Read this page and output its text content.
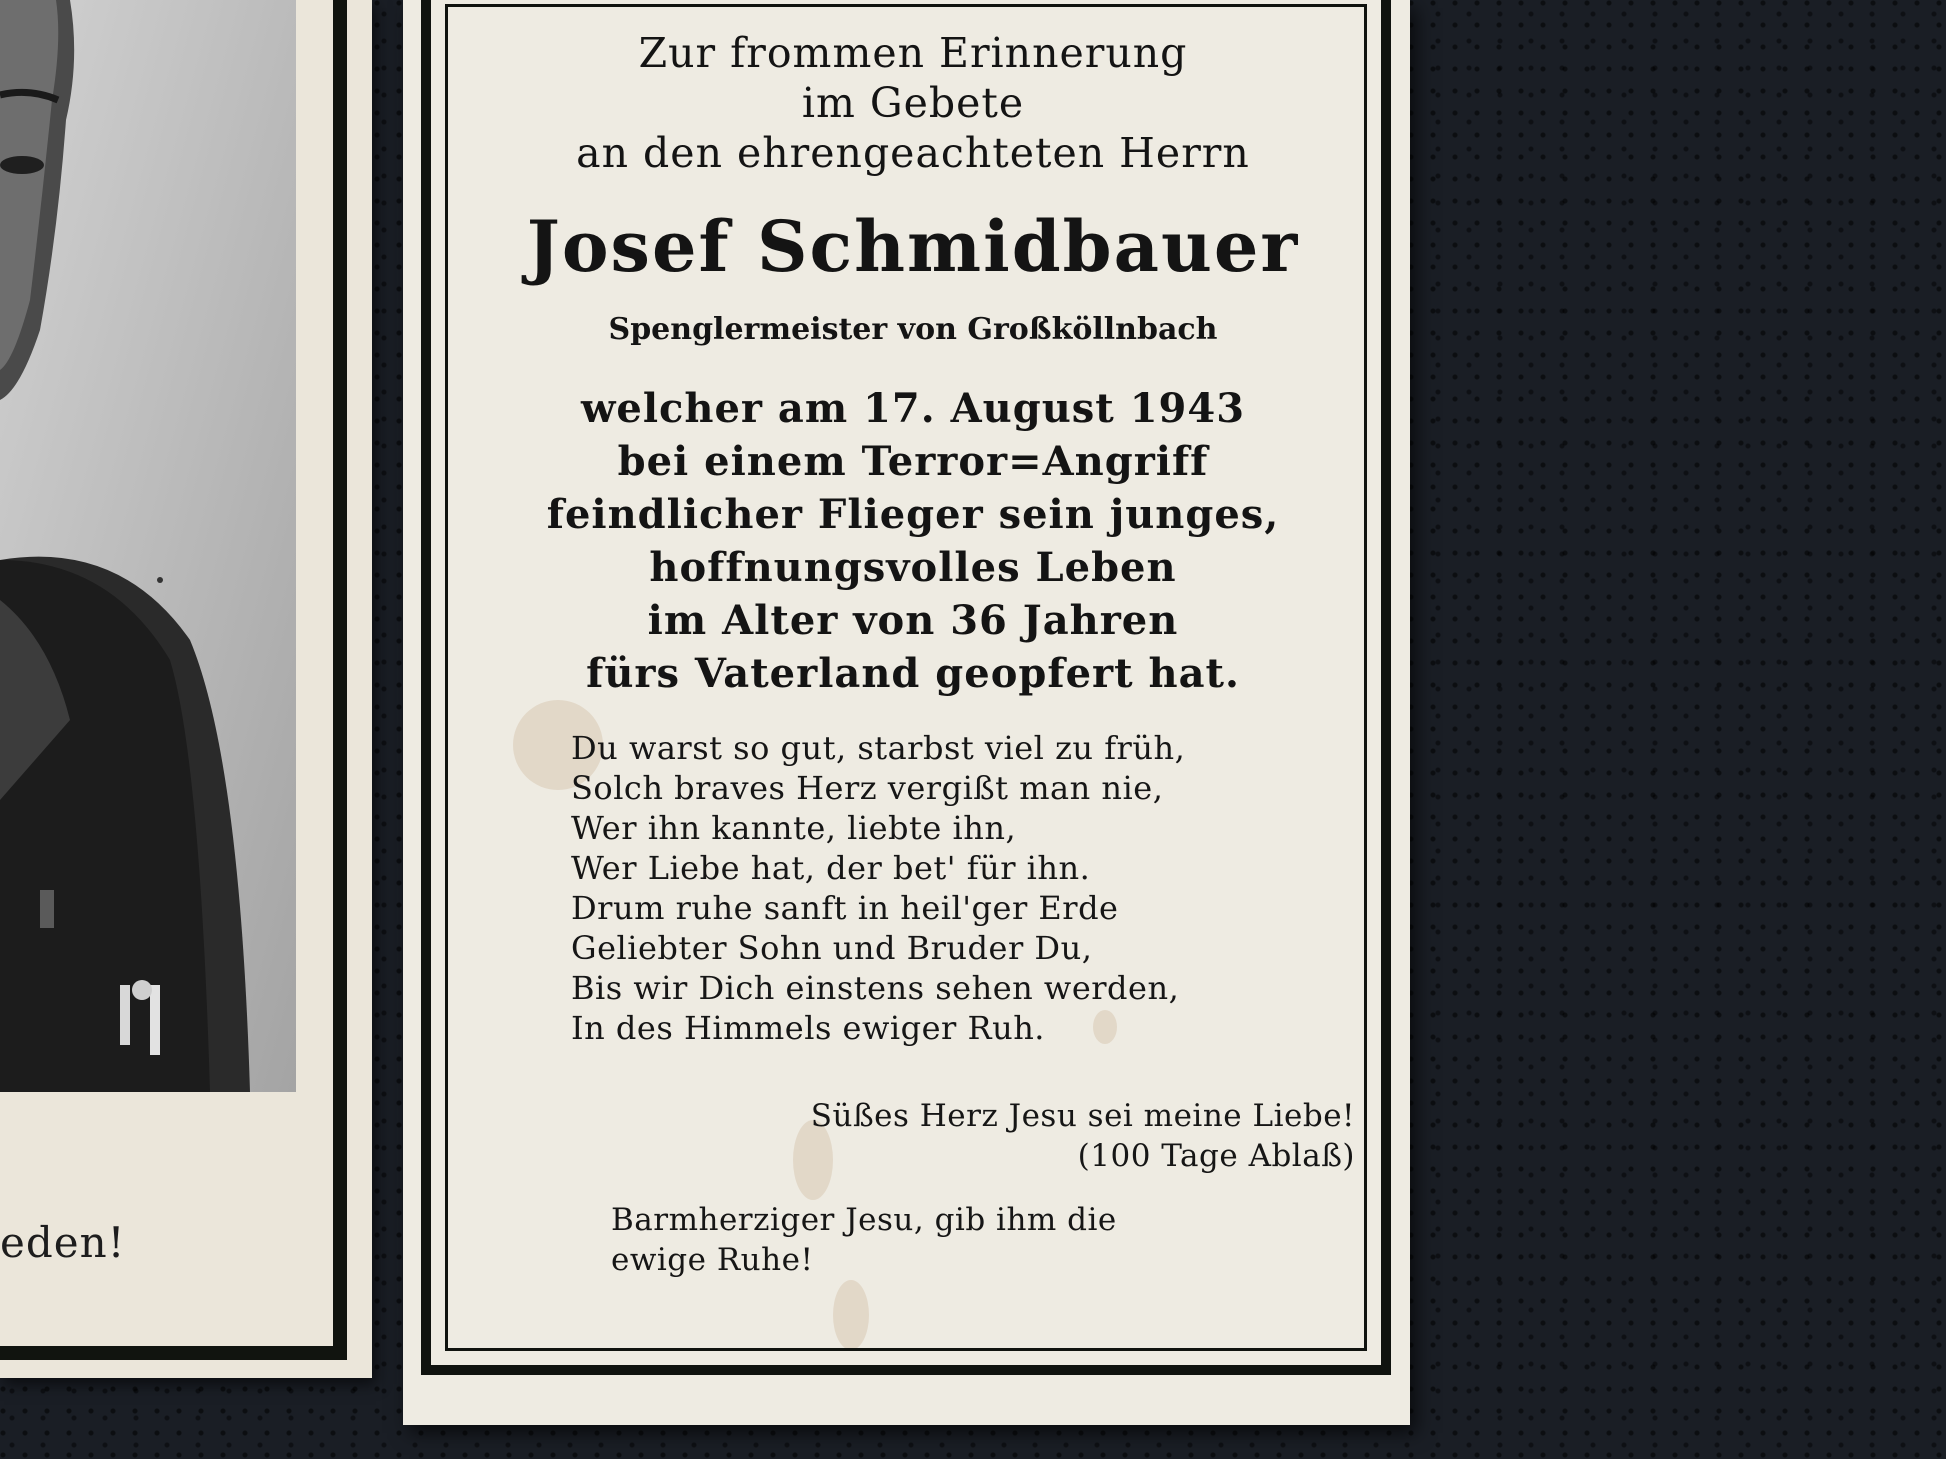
eden!
Zur frommen Erinnerung
im Gebete
an den ehrengeachteten Herrn
Josef Schmidbauer
Spenglermeister von Großköllnbach
welcher am 17. August 1943
bei einem Terror=Angriff
feindlicher Flieger sein junges,
hoffnungsvolles Leben
im Alter von 36 Jahren
fürs Vaterland geopfert hat.
Du warst so gut, starbst viel zu früh,
Solch braves Herz vergißt man nie,
Wer ihn kannte, liebte ihn,
Wer Liebe hat, der bet' für ihn.
Drum ruhe sanft in heil'ger Erde
Geliebter Sohn und Bruder Du,
Bis wir Dich einstens sehen werden,
In des Himmels ewiger Ruh.
Süßes Herz Jesu sei meine Liebe!
(100 Tage Ablaß)
Barmherziger Jesu, gib ihm die
ewige Ruhe!
